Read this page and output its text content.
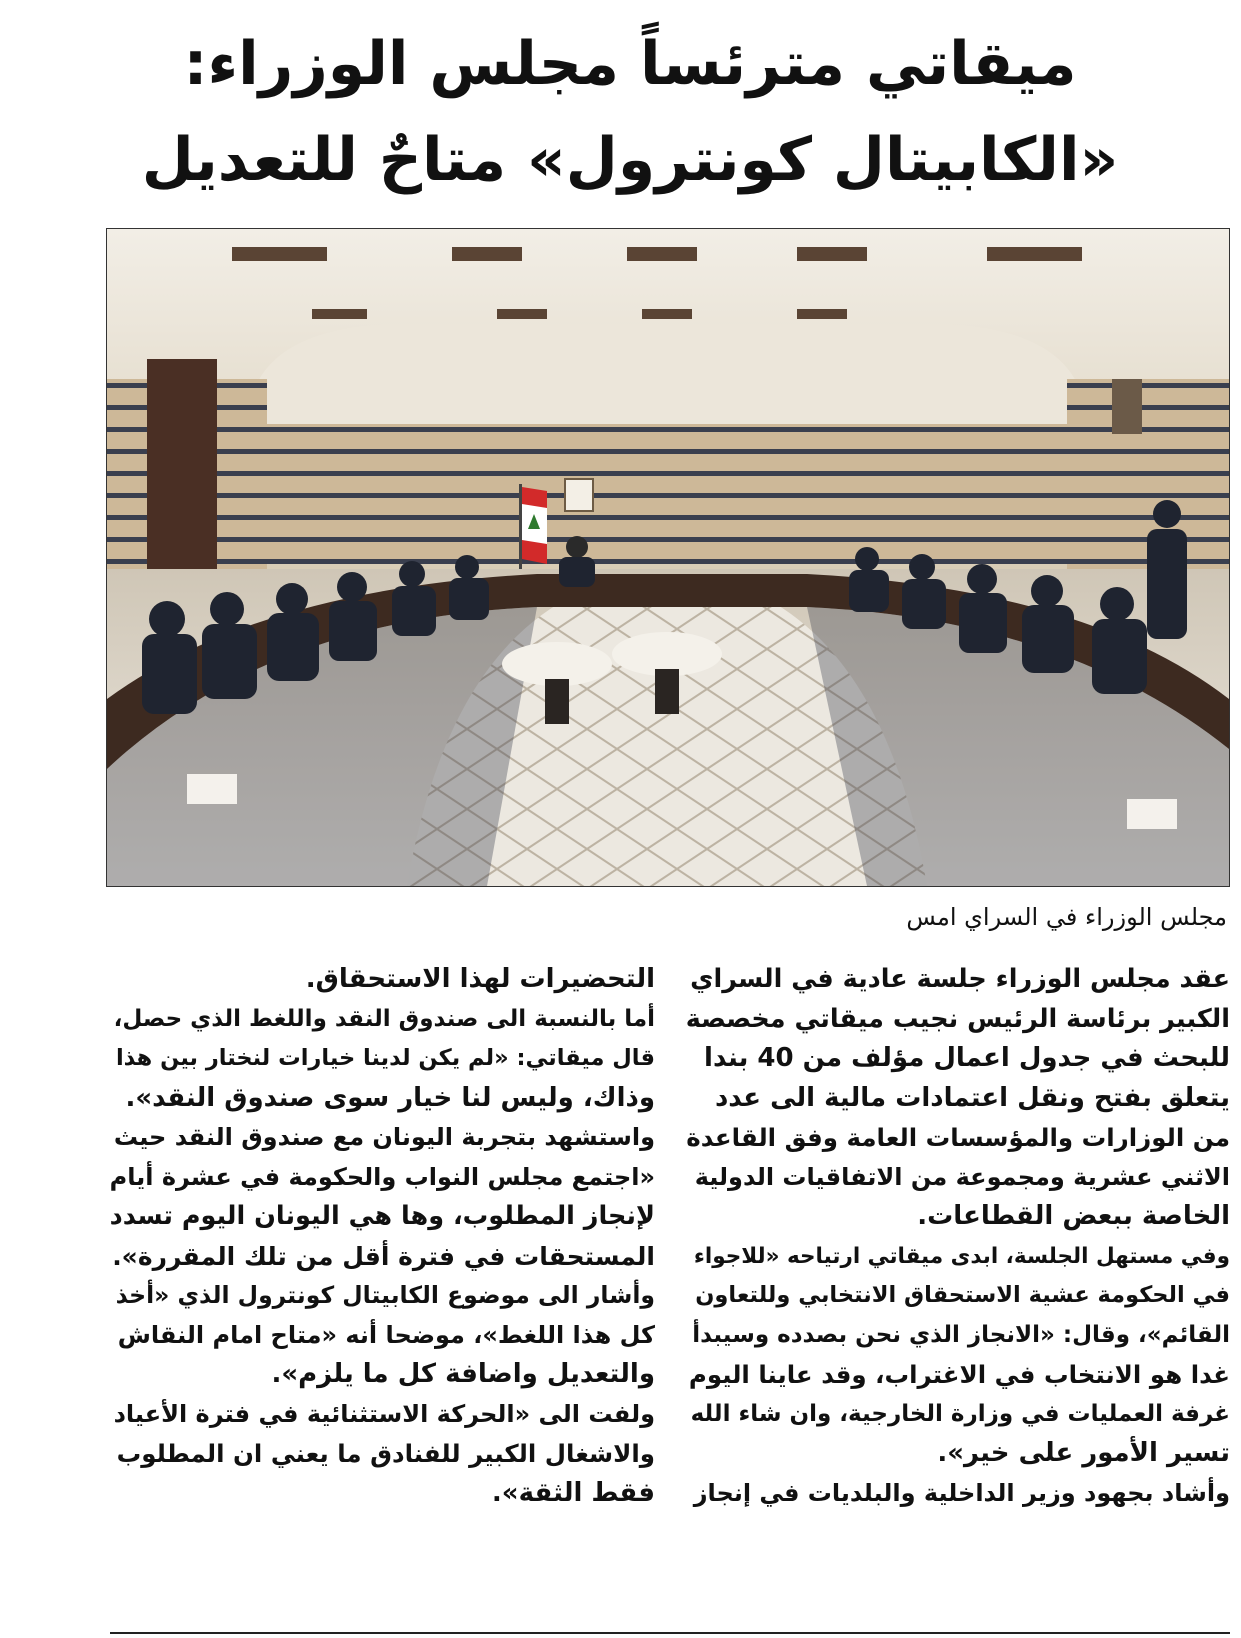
ميقاتي مترئساً مجلس الوزراء:
«الكابيتال كونترول» متاحٌ للتعديل
مجلس الوزراء في السراي امس
عقد مجلس الوزراء جلسة عادية في السراي
الكبير برئاسة الرئيس نجيب ميقاتي مخصصة
للبحث في جدول اعمال مؤلف من 40 بندا
يتعلق بفتح ونقل اعتمادات مالية الى عدد
من الوزارات والمؤسسات العامة وفق القاعدة
الاثني عشرية ومجموعة من الاتفاقيات الدولية
الخاصة ببعض القطاعات.
وفي مستهل الجلسة، ابدى ميقاتي ارتياحه «للاجواء
في الحكومة عشية الاستحقاق الانتخابي وللتعاون
القائم»، وقال: «الانجاز الذي نحن بصدده وسيبدأ
غدا هو الانتخاب في الاغتراب، وقد عاينا اليوم
غرفة العمليات في وزارة الخارجية، وان شاء الله
تسير الأمور على خير».
وأشاد بجهود وزير الداخلية والبلديات في إنجاز
التحضيرات لهذا الاستحقاق.
أما بالنسبة الى صندوق النقد واللغط الذي حصل،
قال ميقاتي: «لم يكن لدينا خيارات لنختار بين هذا
وذاك، وليس لنا خيار سوى صندوق النقد».
واستشهد بتجربة اليونان مع صندوق النقد حيث
«اجتمع مجلس النواب والحكومة في عشرة أيام
لإنجاز المطلوب، وها هي اليونان اليوم تسدد
المستحقات في فترة أقل من تلك المقررة».
وأشار الى موضوع الكابيتال كونترول الذي «أخذ
كل هذا اللغط»، موضحا أنه «متاح امام النقاش
والتعديل واضافة كل ما يلزم».
ولفت الى «الحركة الاستثنائية في فترة الأعياد
والاشغال الكبير للفنادق ما يعني ان المطلوب
فقط الثقة».
